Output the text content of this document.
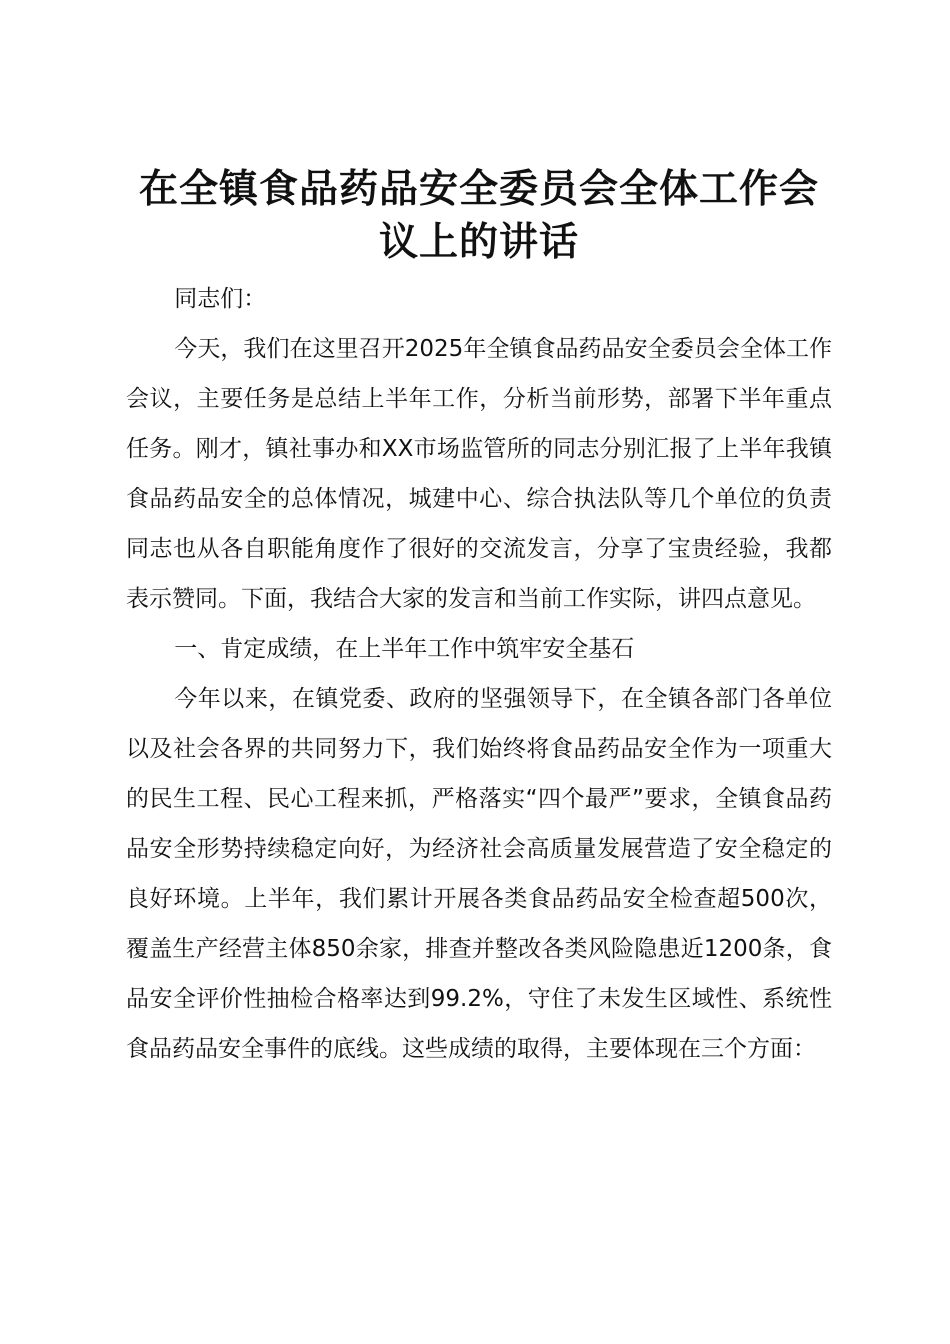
在全镇食品药品安全委员会全体工作会议上的讲话

同志们：

今天，我们在这里召开2025年全镇食品药品安全委员会全体工作会议，主要任务是总结上半年工作，分析当前形势，部署下半年重点任务。刚才，镇社事办和XX市场监管所的同志分别汇报了上半年我镇食品药品安全的总体情况，城建中心、综合执法队等几个单位的负责同志也从各自职能角度作了很好的交流发言，分享了宝贵经验，我都表示赞同。下面，我结合大家的发言和当前工作实际，讲四点意见。

一、肯定成绩，在上半年工作中筑牢安全基石

今年以来，在镇党委、政府的坚强领导下，在全镇各部门各单位以及社会各界的共同努力下，我们始终将食品药品安全作为一项重大的民生工程、民心工程来抓，严格落实“四个最严”要求，全镇食品药品安全形势持续稳定向好，为经济社会高质量发展营造了安全稳定的良好环境。上半年，我们累计开展各类食品药品安全检查超500次，覆盖生产经营主体850余家，排查并整改各类风险隐患近1200条，食品安全评价性抽检合格率达到99.2%，守住了未发生区域性、系统性食品药品安全事件的底线。这些成绩的取得，主要体现在三个方面：
